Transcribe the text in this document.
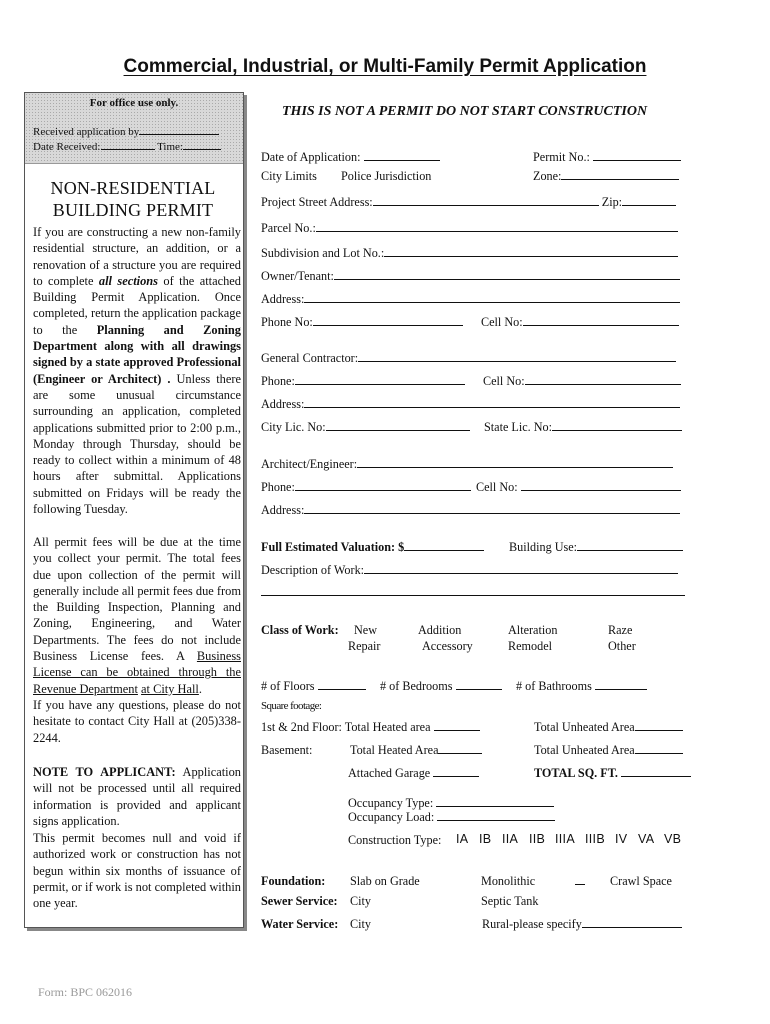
Commercial, Industrial, or Multi-Family Permit Application
THIS IS NOT A PERMIT DO NOT START CONSTRUCTION
For office use only.
Received application by
Date Received:	Time:
NON-RESIDENTIAL
BUILDING PERMIT
If you are constructing a new non-family residential structure, an addition, or a renovation of a structure you are required to complete all sections of the attached Building Permit Application. Once completed, return the application package to the Planning and Zoning Department along with all drawings signed by a state approved Professional (Engineer or Architect) . Unless there are some unusual circumstance surrounding an application, completed applications submitted prior to 2:00 p.m., Monday through Thursday, should be ready to collect within a minimum of 48 hours after submittal. Applications submitted on Fridays will be ready the following Tuesday.
All permit fees will be due at the time you collect your permit. The total fees due upon collection of the permit will generally include all permit fees due from the Building Inspection, Planning and Zoning, Engineering, and Water Departments. The fees do not include Business License fees. A Business License can be obtained through the Revenue Department at City Hall.
If you have any questions, please do not hesitate to contact City Hall at (205)338-2244.
NOTE TO APPLICANT: Application will not be processed until all required information is provided and applicant signs application.
This permit becomes null and void if authorized work or construction has not begun within six months of issuance of permit, or if work is not completed within one year.
Date of Application:	Permit No.:
City Limits Police Jurisdiction	Zone:
Project Street Address:	Zip:
Parcel No.:
Subdivision and Lot No.:
Owner/Tenant:
Address:
Phone No:	Cell No:
General Contractor:
Phone:	Cell No:
Address:
City Lic. No:	State Lic. No:
Architect/Engineer:
Phone:	Cell No:
Address:
Full Estimated Valuation: $	Building Use:
Description of Work:
Class of Work: New	Addition	Alteration	Raze
Repair	Accessory	Remodel	Other
# of Floors	# of Bedrooms	# of Bathrooms
Square footage:
1st & 2nd Floor: Total Heated area	Total Unheated Area
Basement:	Total Heated Area	Total Unheated Area
Attached Garage	TOTAL SQ. FT.
Occupancy Type:
Occupancy Load:
Construction Type: IA IB IIA IIB IIIA IIIB IV VA VB
Foundation: Slab on Grade	Monolithic	Crawl Space
Sewer Service: City	Septic Tank
Water Service: City	Rural-please specify
Form: BPC 062016
